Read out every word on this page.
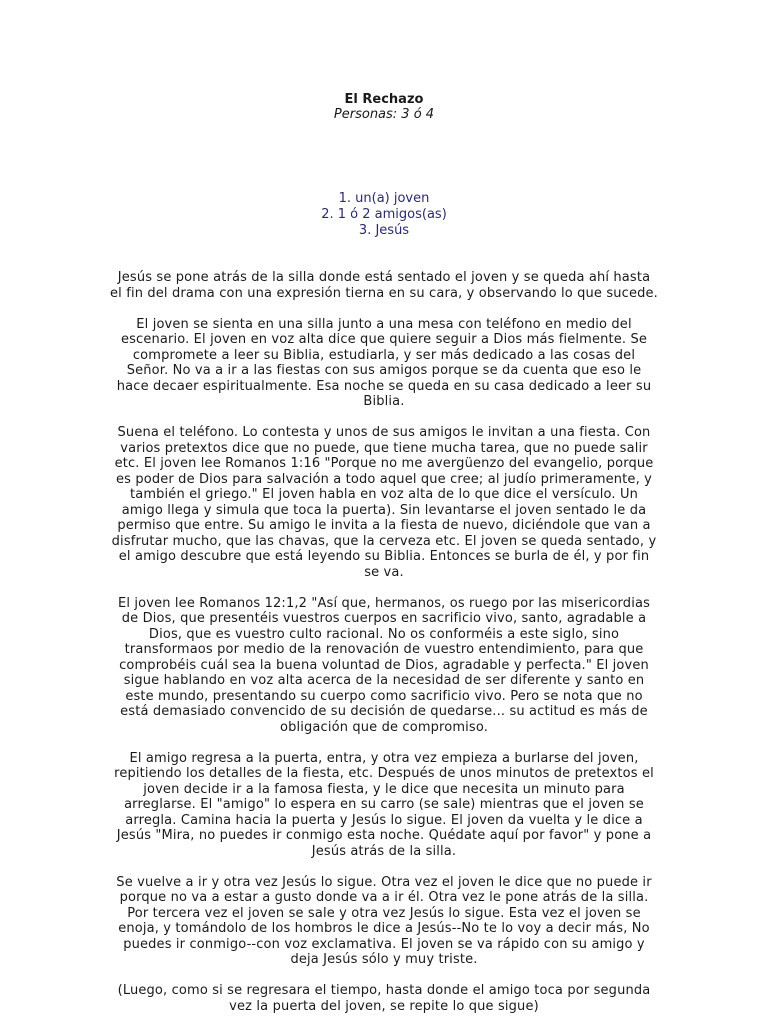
El Rechazo
Personas: 3 ó 4
1. un(a) joven
2. 1 ó 2 amigos(as)
3. Jesús

Jesús se pone atrás de la silla donde está sentado el joven y se queda ahí hasta el fin del drama con una expresión tierna en su cara, y observando lo que sucede.

El joven se sienta en una silla junto a una mesa con teléfono en medio del escenario. El joven en voz alta dice que quiere seguir a Dios más fielmente. Se compromete a leer su Biblia, estudiarla, y ser más dedicado a las cosas del Señor. No va a ir a las fiestas con sus amigos porque se da cuenta que eso le hace decaer espiritualmente. Esa noche se queda en su casa dedicado a leer su Biblia.

Suena el teléfono. Lo contesta y unos de sus amigos le invitan a una fiesta. Con varios pretextos dice que no puede, que tiene mucha tarea, que no puede salir etc. El joven lee Romanos 1:16 "Porque no me avergüenzo del evangelio, porque es poder de Dios para salvación a todo aquel que cree; al judío primeramente, y también el griego." El joven habla en voz alta de lo que dice el versículo. Un amigo llega y simula que toca la puerta). Sin levantarse el joven sentado le da permiso que entre. Su amigo le invita a la fiesta de nuevo, diciéndole que van a disfrutar mucho, que las chavas, que la cerveza etc. El joven se queda sentado, y el amigo descubre que está leyendo su Biblia. Entonces se burla de él, y por fin se va.

El joven lee Romanos 12:1,2 "Así que, hermanos, os ruego por las misericordias de Dios, que presentéis vuestros cuerpos en sacrificio vivo, santo, agradable a Dios, que es vuestro culto racional. No os conforméis a este siglo, sino transformaos por medio de la renovación de vuestro entendimiento, para que comprobéis cuál sea la buena voluntad de Dios, agradable y perfecta." El joven sigue hablando en voz alta acerca de la necesidad de ser diferente y santo en este mundo, presentando su cuerpo como sacrificio vivo. Pero se nota que no está demasiado convencido de su decisión de quedarse... su actitud es más de obligación que de compromiso.

El amigo regresa a la puerta, entra, y otra vez empieza a burlarse del joven, repitiendo los detalles de la fiesta, etc. Después de unos minutos de pretextos el joven decide ir a la famosa fiesta, y le dice que necesita un minuto para arreglarse. El "amigo" lo espera en su carro (se sale) mientras que el joven se arregla. Camina hacia la puerta y Jesús lo sigue. El joven da vuelta y le dice a Jesús "Mira, no puedes ir conmigo esta noche. Quédate aquí por favor" y pone a Jesús atrás de la silla.

Se vuelve a ir y otra vez Jesús lo sigue. Otra vez el joven le dice que no puede ir porque no va a estar a gusto donde va a ir él. Otra vez le pone atrás de la silla. Por tercera vez el joven se sale y otra vez Jesús lo sigue. Esta vez el joven se enoja, y tomándolo de los hombros le dice a Jesús--No te lo voy a decir más, No puedes ir conmigo--con voz exclamativa. El joven se va rápido con su amigo y deja Jesús sólo y muy triste.

(Luego, como si se regresara el tiempo, hasta donde el amigo toca por segunda vez la puerta del joven, se repite lo que sigue)
